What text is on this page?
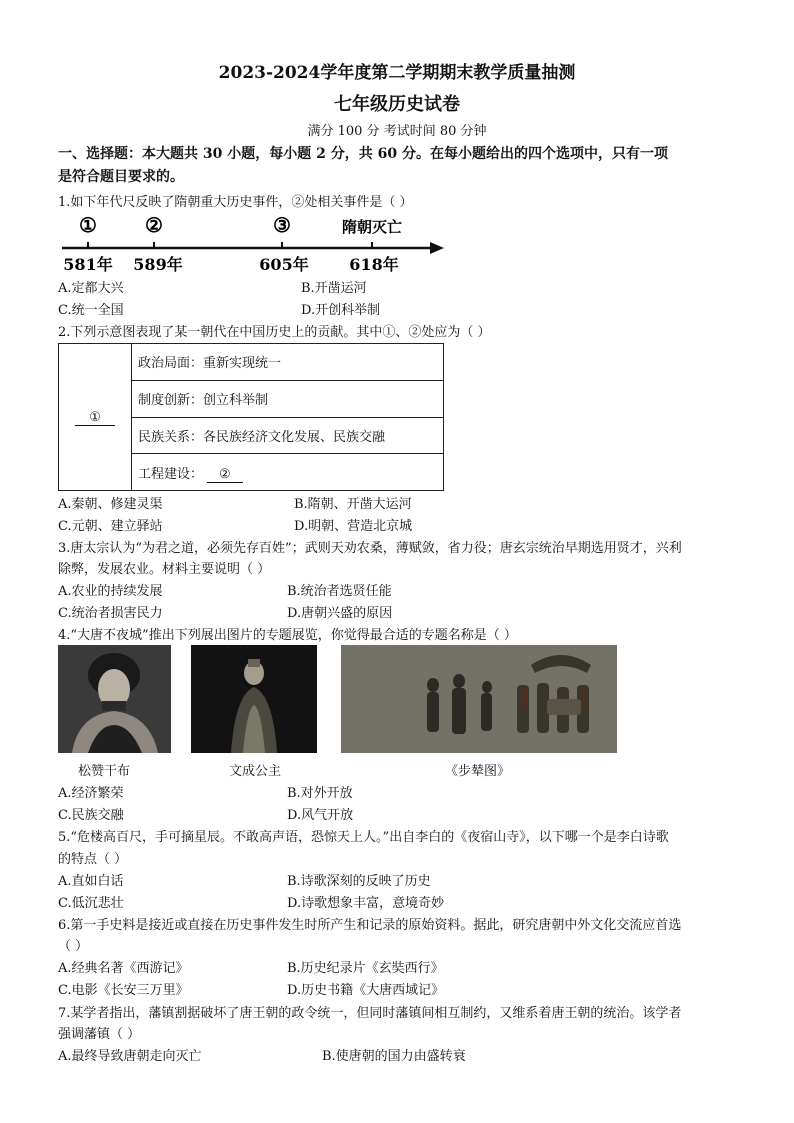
2023-2024学年度第二学期期末教学质量抽测
七年级历史试卷
满分 100 分 考试时间 80 分钟
一、选择题：本大题共 30 小题，每小题 2 分，共 60 分。在每小题给出的四个选项中，只有一项
是符合题目要求的。
1.如下年代尺反映了隋朝重大历史事件，②处相关事件是（ ）
① ②	③	隋朝灭亡
581年 589年	605年	618年
A.定都大兴	B.开凿运河
C.统一全国	D.开创科举制
2.下列示意图表现了某一朝代在中国历史上的贡献。其中①、②处应为（ ）
①	政治局面：重新实现统一
制度创新：创立科举制
民族关系：各民族经济文化发展、民族交融
工程建设： ②
A.秦朝、修建灵渠	B.隋朝、开凿大运河
C.元朝、建立驿站	D.明朝、营造北京城
3.唐太宗认为“为君之道，必须先存百姓”；武则天劝农桑，薄赋敛，省力役；唐玄宗统治早期选用贤才，兴利
除弊，发展农业。材料主要说明（ ）
A.农业的持续发展	B.统治者选贤任能
C.统治者损害民力	D.唐朝兴盛的原因
4.“大唐不夜城”推出下列展出图片的专题展览，你觉得最合适的专题名称是（ ）
松赞干布	文成公主	《步辇图》
A.经济繁荣	B.对外开放
C.民族交融	D.风气开放
5.“危楼高百尺，手可摘星辰。不敢高声语，恐惊天上人。”出自李白的《夜宿山寺》，以下哪一个是李白诗歌
的特点（ ）
A.直如白话	B.诗歌深刻的反映了历史
C.低沉悲壮	D.诗歌想象丰富，意境奇妙
6.第一手史料是接近或直接在历史事件发生时所产生和记录的原始资料。据此，研究唐朝中外文化交流应首选
（ ）
A.经典名著《西游记》	B.历史纪录片《玄奘西行》
C.电影《长安三万里》	D.历史书籍《大唐西域记》
7.某学者指出，藩镇割据破坏了唐王朝的政令统一，但同时藩镇间相互制约，又维系着唐王朝的统治。该学者
强调藩镇（ ）
A.最终导致唐朝走向灭亡	B.使唐朝的国力由盛转衰
